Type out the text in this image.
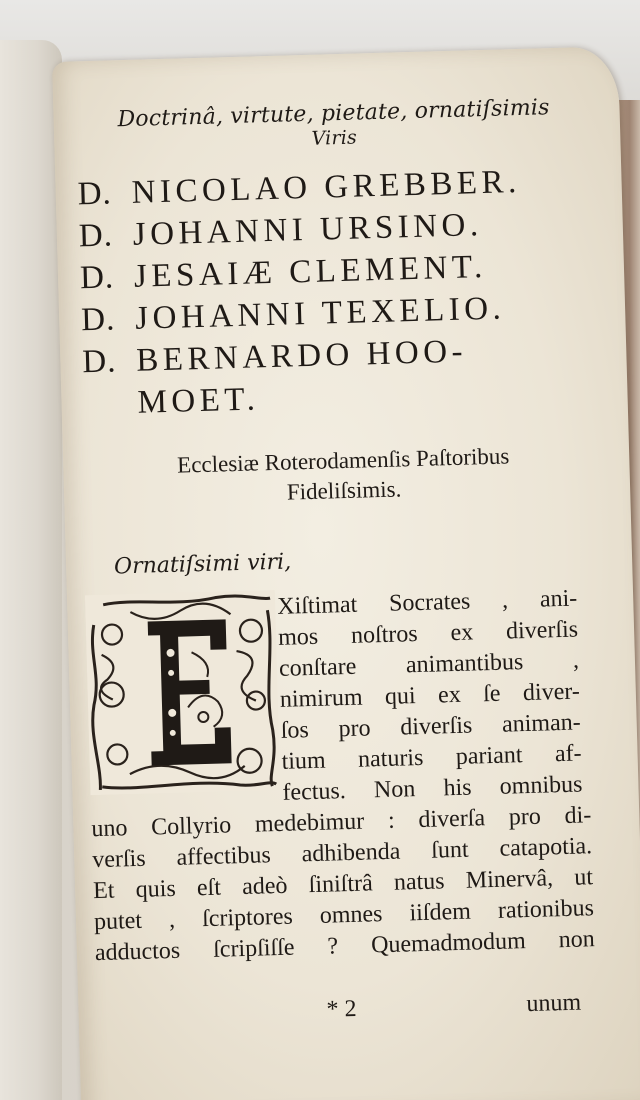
Doctrinâ, virtute, pietate, ornatiſsimis
Viris
D. NICOLAO GREBBER.
D. JOHANNI URSINO.
D. JESAIÆ CLEMENT.
D. JOHANNI TEXELIO.
D. BERNARDO HOO-
MOET.
Ecclesiæ Roterodamenſis Paſtoribus
Fideliſsimis.
Ornatiſsimi viri,
Xiſtimat Socrates , ani-
mos noſtros ex diverſis
conſtare animantibus ,
nimirum qui ex ſe diver-
ſos pro diverſis animan-
tium naturis pariant af-
fectus. Non his omnibus
uno Collyrio medebimur : diverſa pro di-
verſis affectibus adhibenda ſunt catapotia.
Et quis eſt adeò ſiniſtrâ natus Minervâ, ut
putet , ſcriptores omnes iiſdem rationibus
adductos ſcripſiſſe ? Quemadmodum non
* 2	unum
